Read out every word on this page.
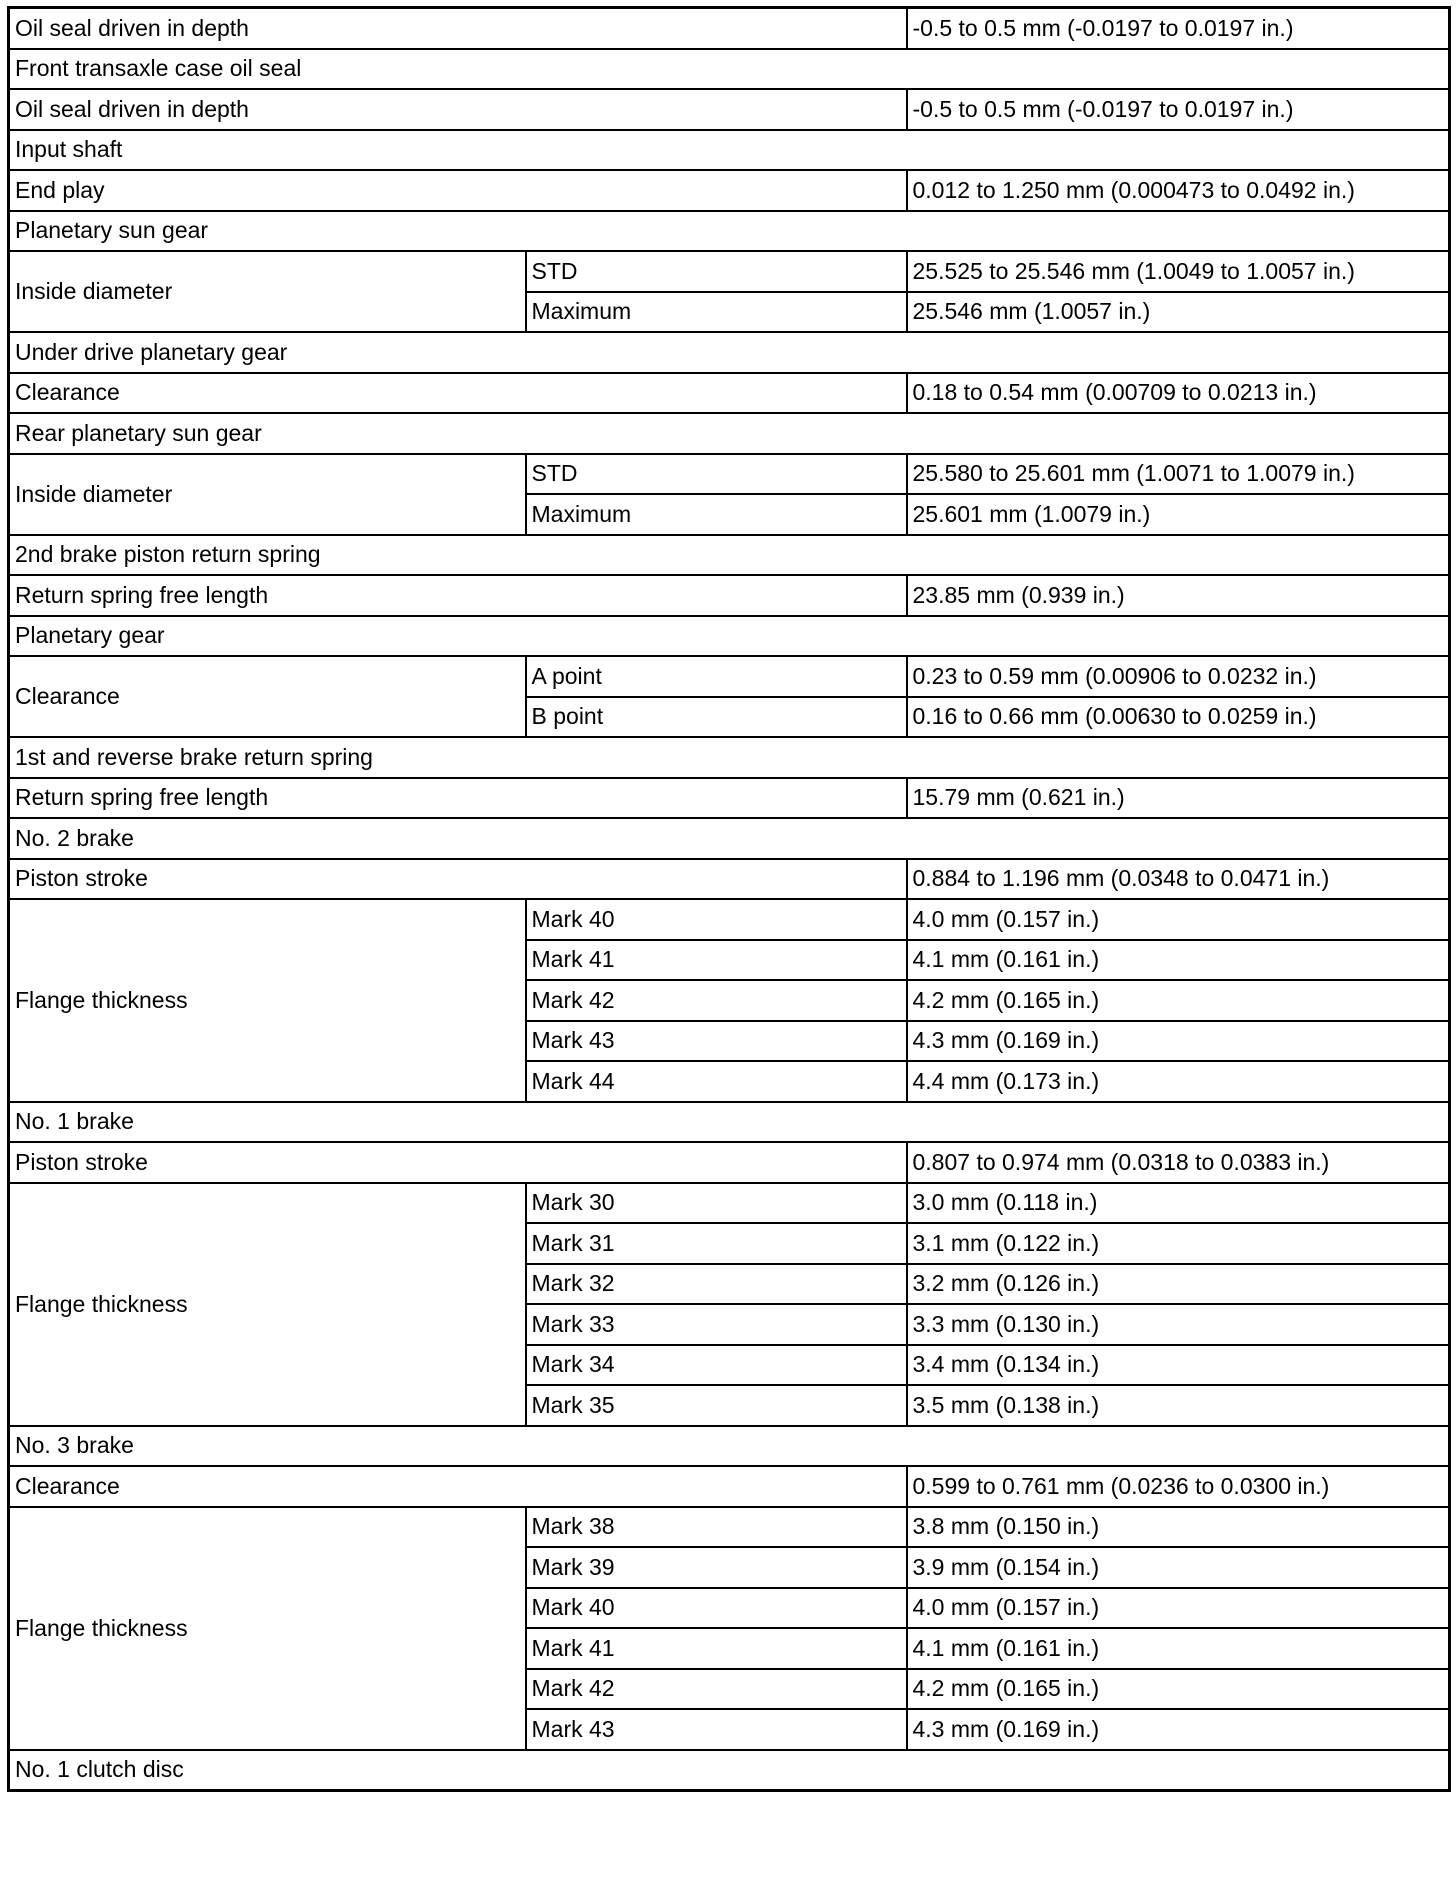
Oil seal driven in depth		-0.5 to 0.5 mm (-0.0197 to 0.0197 in.)
Front transaxle case oil seal		
Oil seal driven in depth		-0.5 to 0.5 mm (-0.0197 to 0.0197 in.)
Input shaft		
End play		0.012 to 1.250 mm (0.000473 to 0.0492 in.)
Planetary sun gear		
Inside diameter	STD	25.525 to 25.546 mm (1.0049 to 1.0057 in.)
	Maximum	25.546 mm (1.0057 in.)
Under drive planetary gear		
Clearance		0.18 to 0.54 mm (0.00709 to 0.0213 in.)
Rear planetary sun gear		
Inside diameter	STD	25.580 to 25.601 mm (1.0071 to 1.0079 in.)
	Maximum	25.601 mm (1.0079 in.)
2nd brake piston return spring		
Return spring free length		23.85 mm (0.939 in.)
Planetary gear		
Clearance	A point	0.23 to 0.59 mm (0.00906 to 0.0232 in.)
	B point	0.16 to 0.66 mm (0.00630 to 0.0259 in.)
1st and reverse brake return spring		
Return spring free length		15.79 mm (0.621 in.)
No. 2 brake		
Piston stroke		0.884 to 1.196 mm (0.0348 to 0.0471 in.)
Flange thickness	Mark 40	4.0 mm (0.157 in.)
	Mark 41	4.1 mm (0.161 in.)
	Mark 42	4.2 mm (0.165 in.)
	Mark 43	4.3 mm (0.169 in.)
	Mark 44	4.4 mm (0.173 in.)
No. 1 brake		
Piston stroke		0.807 to 0.974 mm (0.0318 to 0.0383 in.)
Flange thickness	Mark 30	3.0 mm (0.118 in.)
	Mark 31	3.1 mm (0.122 in.)
	Mark 32	3.2 mm (0.126 in.)
	Mark 33	3.3 mm (0.130 in.)
	Mark 34	3.4 mm (0.134 in.)
	Mark 35	3.5 mm (0.138 in.)
No. 3 brake		
Clearance		0.599 to 0.761 mm (0.0236 to 0.0300 in.)
Flange thickness	Mark 38	3.8 mm (0.150 in.)
	Mark 39	3.9 mm (0.154 in.)
	Mark 40	4.0 mm (0.157 in.)
	Mark 41	4.1 mm (0.161 in.)
	Mark 42	4.2 mm (0.165 in.)
	Mark 43	4.3 mm (0.169 in.)
No. 1 clutch disc		
